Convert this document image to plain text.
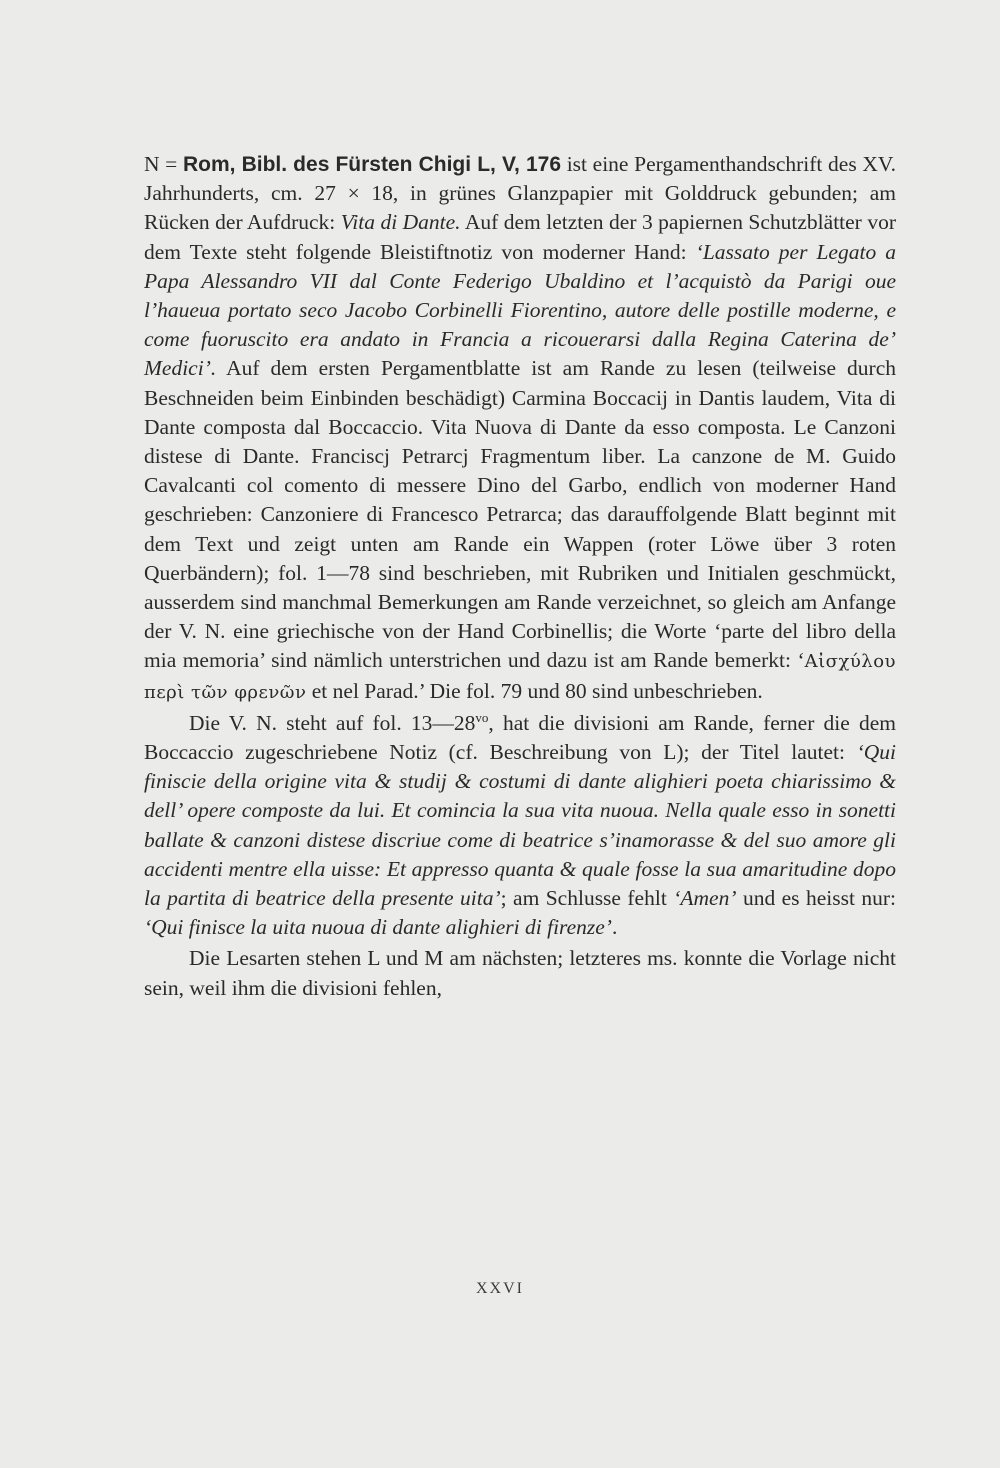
N = Rom, Bibl. des Fürsten Chigi L, V, 176 ist eine Pergamenthandschrift des XV. Jahrhunderts, cm. 27 × 18, in grünes Glanzpapier mit Golddruck gebunden; am Rücken der Aufdruck: Vita di Dante. Auf dem letzten der 3 papiernen Schutzblätter vor dem Texte steht folgende Bleistiftnotiz von moderner Hand: ‘Lassato per Legato a Papa Alessandro VII dal Conte Federigo Ubaldino et l’acquistò da Parigi oue l’haueua portato seco Jacobo Corbinelli Fiorentino, autore delle postille moderne, e come fuoruscito era andato in Francia a ricouerarsi dalla Regina Caterina de’ Medici’. Auf dem ersten Pergamentblatte ist am Rande zu lesen (teilweise durch Beschneiden beim Einbinden beschädigt) Carmina Boccacij in Dantis laudem, Vita di Dante composta dal Boccaccio. Vita Nuova di Dante da esso composta. Le Canzoni distese di Dante. Franciscj Petrarcj Fragmentum liber. La canzone de M. Guido Cavalcanti col comento di messere Dino del Garbo, endlich von moderner Hand geschrieben: Canzoniere di Francesco Petrarca; das darauffolgende Blatt beginnt mit dem Text und zeigt unten am Rande ein Wappen (roter Löwe über 3 roten Querbändern); fol. 1—78 sind beschrieben, mit Rubriken und Initialen geschmückt, ausserdem sind manchmal Bemerkungen am Rande verzeichnet, so gleich am Anfange der V. N. eine griechische von der Hand Corbinellis; die Worte ‘parte del libro della mia memoria’ sind nämlich unterstrichen und dazu ist am Rande bemerkt: ‘Αἰσχύλου περὶ τῶν φρενῶν et nel Parad.’ Die fol. 79 und 80 sind unbeschrieben.

Die V. N. steht auf fol. $13—28^{vo}$, hat die divisioni am Rande, ferner die dem Boccaccio zugeschriebene Notiz (cf. Beschreibung von L); der Titel lautet: ‘Qui finiscie della origine vita & studij & costumi di dante alighieri poeta chiarissimo & dell’ opere composte da lui. Et comincia la sua vita nuoua. Nella quale esso in sonetti ballate & canzoni distese discriue come di beatrice s’inamorasse & del suo amore gli accidenti mentre ella uisse: Et appresso quanta & quale fosse la sua amaritudine dopo la partita di beatrice della presente uita’; am Schlusse fehlt ‘Amen’ und es heisst nur: ‘Qui finisce la uita nuoua di dante alighieri di firenze’.

Die Lesarten stehen L und M am nächsten; letzteres ms. konnte die Vorlage nicht sein, weil ihm die divisioni fehlen,

XXVI
